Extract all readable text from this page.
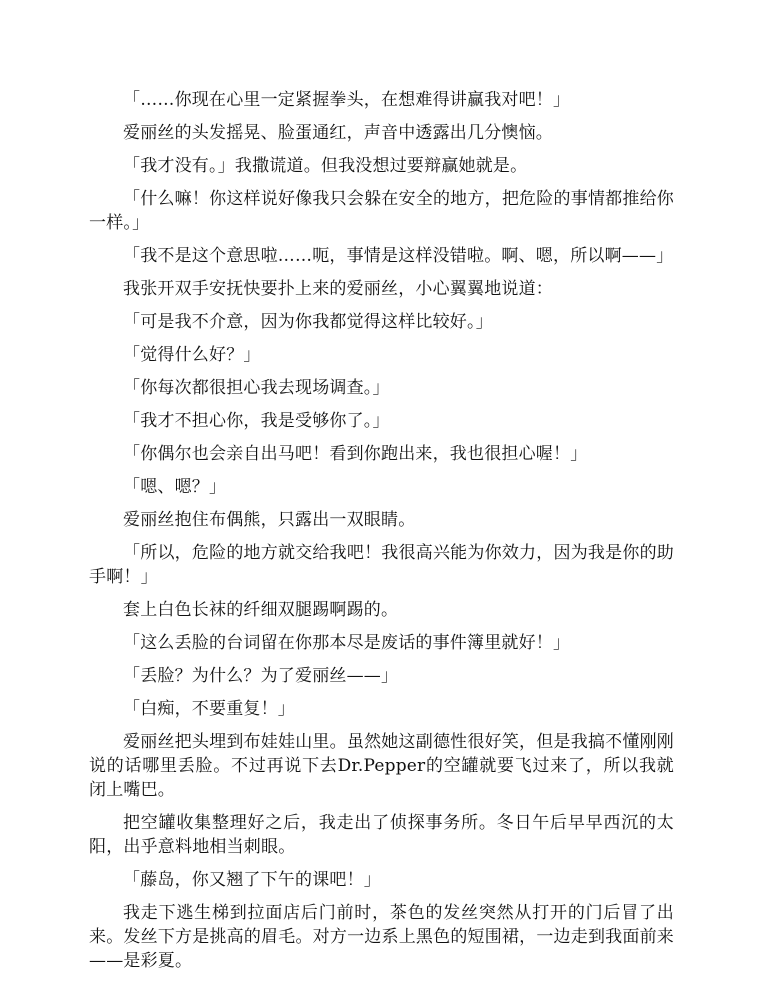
「……你现在心里一定紧握拳头，在想难得讲赢我对吧！」

爱丽丝的头发摇晃、脸蛋通红，声音中透露出几分懊恼。

「我才没有。」我撒谎道。但我没想过要辩赢她就是。

「什么嘛！你这样说好像我只会躲在安全的地方，把危险的事情都推给你一样。」

「我不是这个意思啦……呃，事情是这样没错啦。啊、嗯，所以啊——」

我张开双手安抚快要扑上来的爱丽丝，小心翼翼地说道：

「可是我不介意，因为你我都觉得这样比较好。」

「觉得什么好？」

「你每次都很担心我去现场调查。」

「我才不担心你，我是受够你了。」

「你偶尔也会亲自出马吧！看到你跑出来，我也很担心喔！」

「嗯、嗯？」

爱丽丝抱住布偶熊，只露出一双眼睛。

「所以，危险的地方就交给我吧！我很高兴能为你效力，因为我是你的助手啊！」

套上白色长袜的纤细双腿踢啊踢的。

「这么丢脸的台词留在你那本尽是废话的事件簿里就好！」

「丢脸？为什么？为了爱丽丝——」

「白痴，不要重复！」

爱丽丝把头埋到布娃娃山里。虽然她这副德性很好笑，但是我搞不懂刚刚说的话哪里丢脸。不过再说下去Dr.Pepper的空罐就要飞过来了，所以我就闭上嘴巴。

把空罐收集整理好之后，我走出了侦探事务所。冬日午后早早西沉的太阳，出乎意料地相当刺眼。

「藤岛，你又翘了下午的课吧！」

我走下逃生梯到拉面店后门前时，茶色的发丝突然从打开的门后冒了出来。发丝下方是挑高的眉毛。对方一边系上黑色的短围裙，一边走到我面前来——是彩夏。
